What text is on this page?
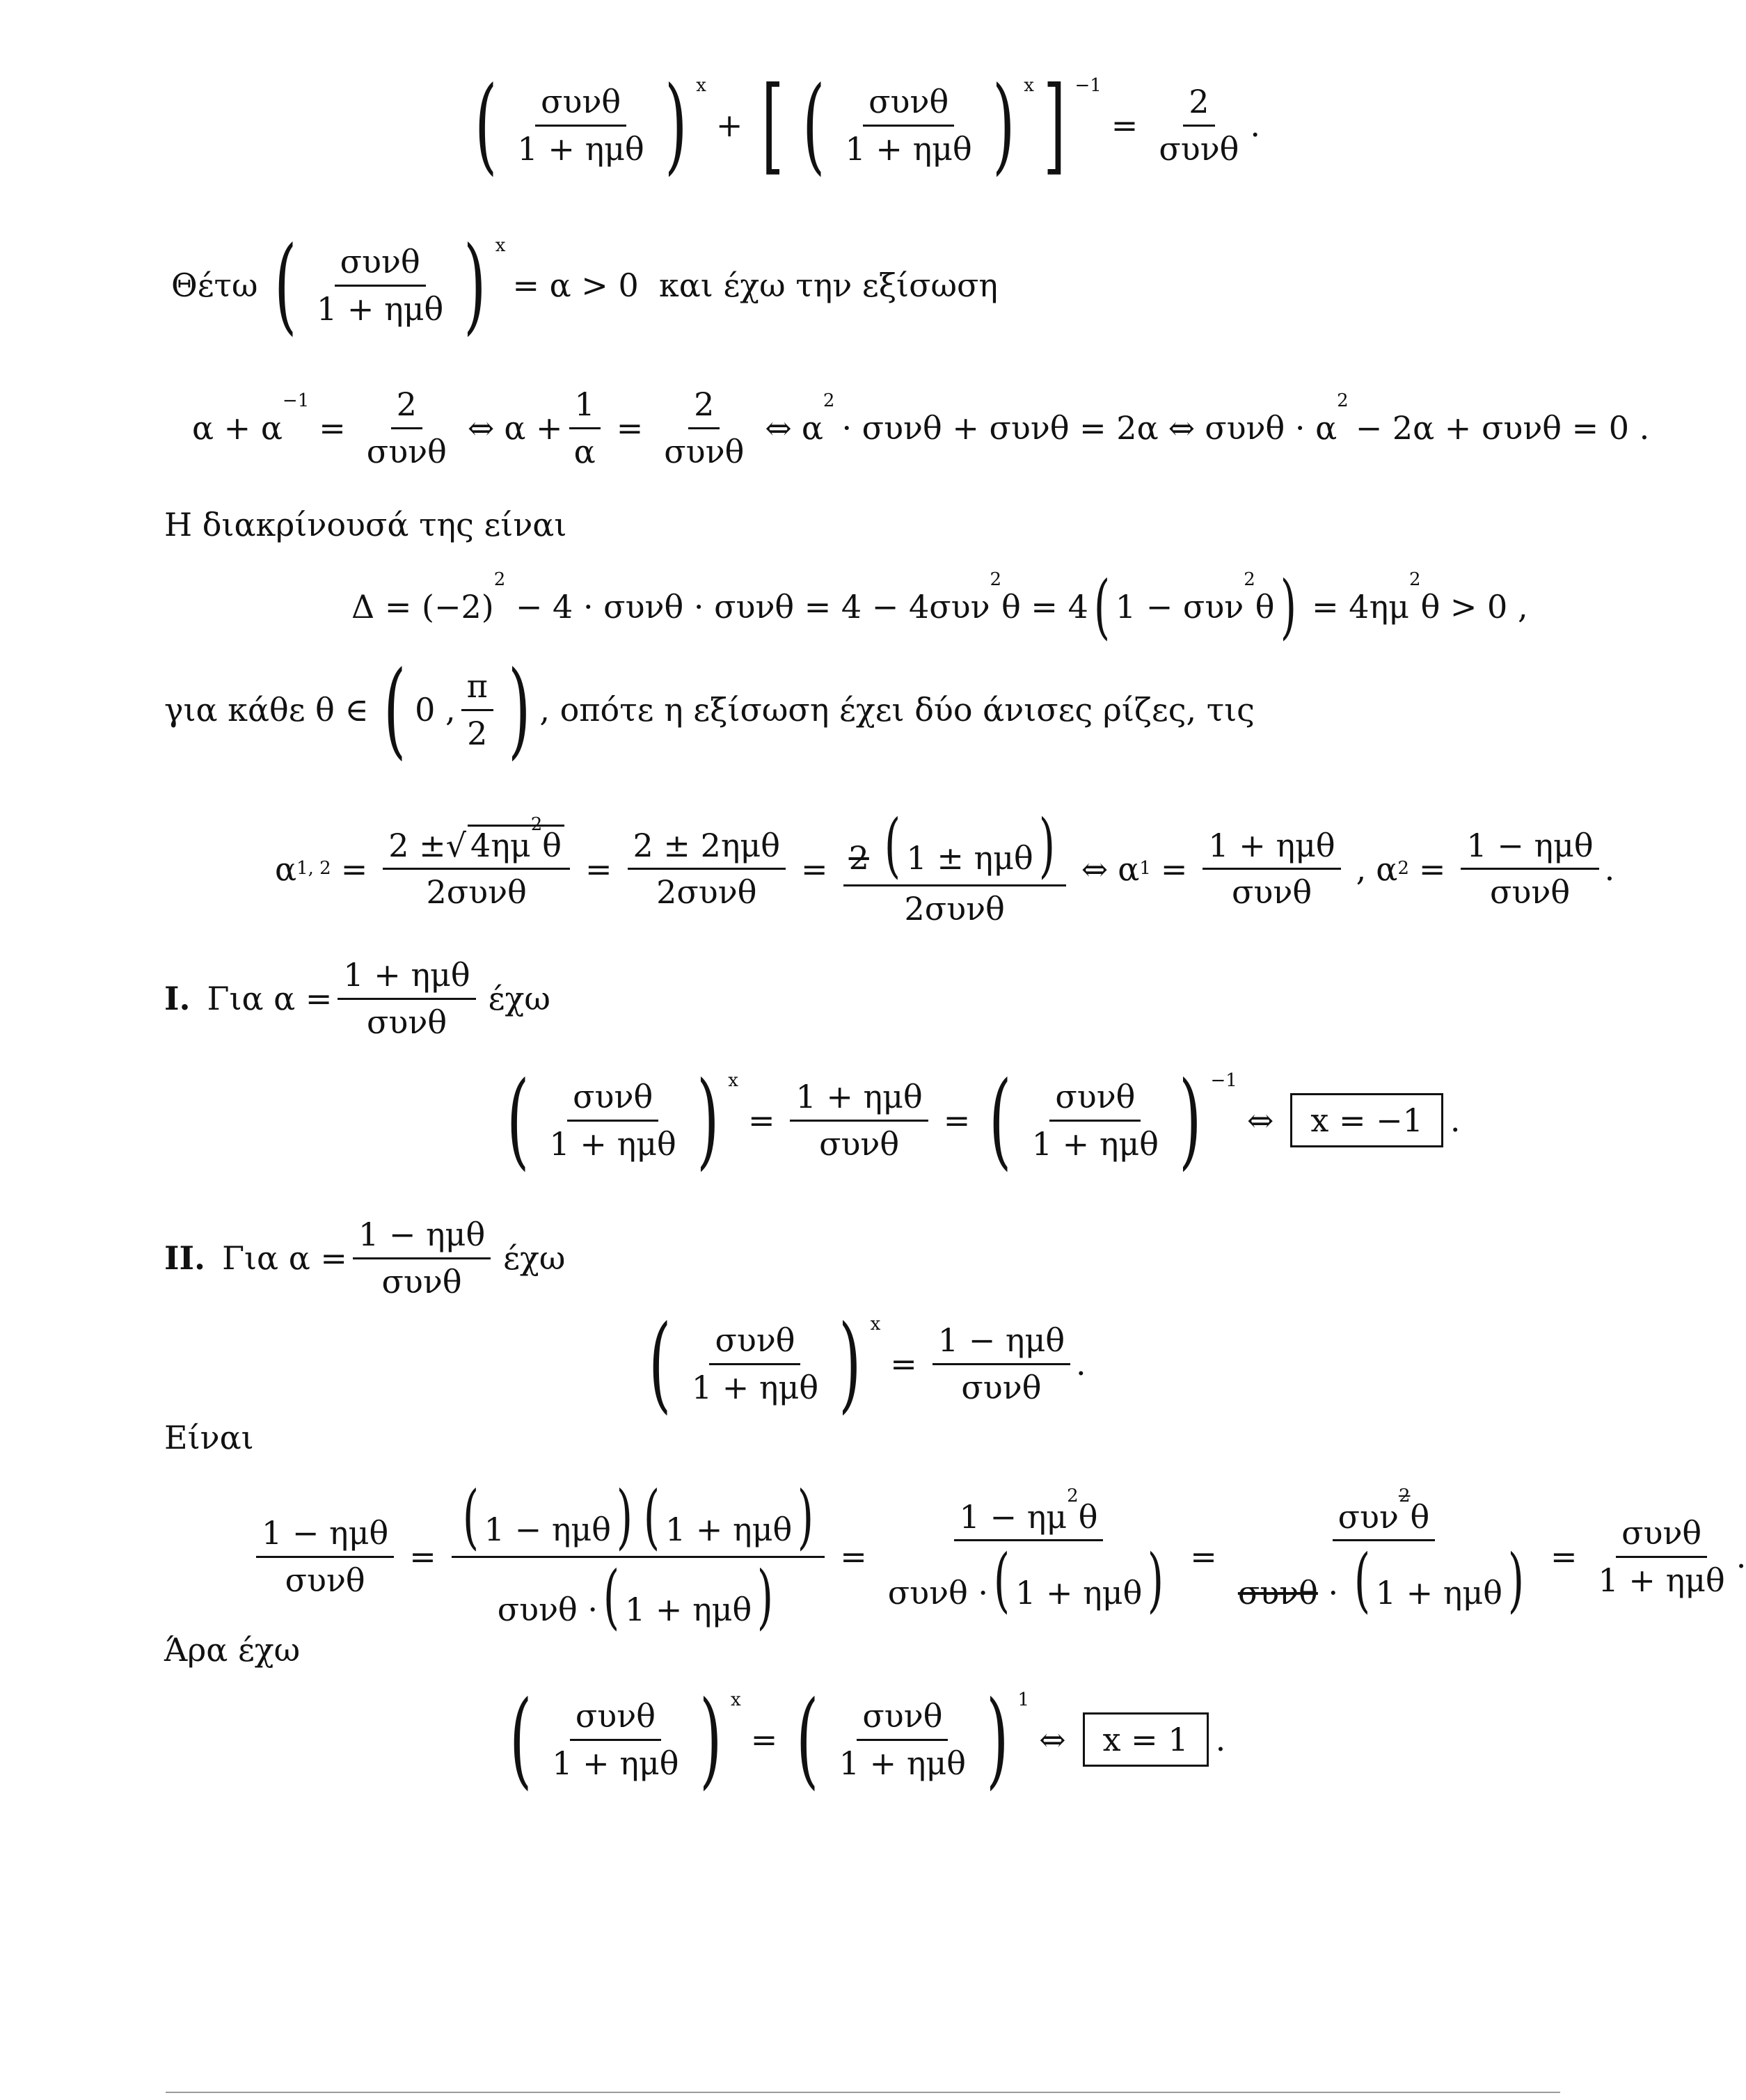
( $\frac{\text{συνθ}}{\text{1 + ημθ}}$ ) x
+ [ ( $\frac{\text{συνθ}}{\text{1 + ημθ}}$ ) x ] −1
= $\frac{2}{\text{συνθ}}$ .
Θέτω ( $\frac{\text{συνθ}}{\text{1 + ημθ}}$ ) x
= α > 0  και έχω την εξίσωση
α + α
$^{-1}$
= $\frac{2}{\text{συνθ}}$ ⇔ $\alpha + \frac{1}{\alpha} = \frac{2}{\text{συνθ}}$ ⇔ α
$^2$
· συνθ + συνθ = 2α ⇔ συνθ · α
$^2$
− 2α + συνθ = 0 .
Η διακρίνουσά της είναι
Δ = (−2)
$^2$
− 4 · συνθ · συνθ = 4 − 4συν
$^2$
θ = 4 ( 1 − συν
$^2$
θ ) = 4ημ
$^2$
θ > 0 ,
για κάθε θ ∈ ( 0 , $\frac{\pi}{2}$ ) , οπότε η εξίσωση έχει δύο άνισες ρίζες, τις
α 1, $2 = \frac{2 \pm√ 4\eta\mu^2\theta}{\text{2συνθ}} = \frac{\text{2 ± 2ημθ}}{\text{2συνθ}} = \frac{\text{2 ( 1 ± ημθ)}}{\text{2συνθ}}$ ⇔ α $1 = \frac{\text{1 + ημθ}}{\text{συνθ}}$ , α $2 = \frac{\text{1 − ημθ}}{\text{συνθ}}$ .
I. Για $\alpha = \frac{\text{1 + ημθ}}{\text{συνθ}}$ έχω
( $\frac{\text{συνθ}}{\text{1 + ημθ}}$ ) x
= $\frac{\text{1 + ημθ}}{\text{συνθ}}$ = ( $\frac{\text{συνθ}}{\text{1 + ημθ}}$ ) −1
⇔	x = −1 .
II. Για $\alpha = \frac{\text{1 − ημθ}}{\text{συνθ}}$ έχω
( $\frac{\text{συνθ}}{\text{1 + ημθ}}$ ) x
= $\frac{\text{1 − ημθ}}{\text{συνθ}}$ .
Είναι
$\frac{\text{1 − ημθ}}{\text{συνθ}} = \frac{\text{( 1 − ημθ) ( 1 + ημθ)}}{\text{συνθ ·( 1 + ημθ)}} = \frac{1 - \eta\mu^2\theta}{\text{συνθ ·( 1 + ημθ)}} = \frac{\sigma\upsilon\nu^2\theta}{\text{συνθ · ( 1 + ημθ)}} = \frac{\text{συνθ}}{\text{1 + ημθ}}$ .
Άρα έχω
( $\frac{\text{συνθ}}{\text{1 + ημθ}}$ ) x
= ( $\frac{\text{συνθ}}{\text{1 + ημθ}}$ ) 1
⇔	x = 1 .
